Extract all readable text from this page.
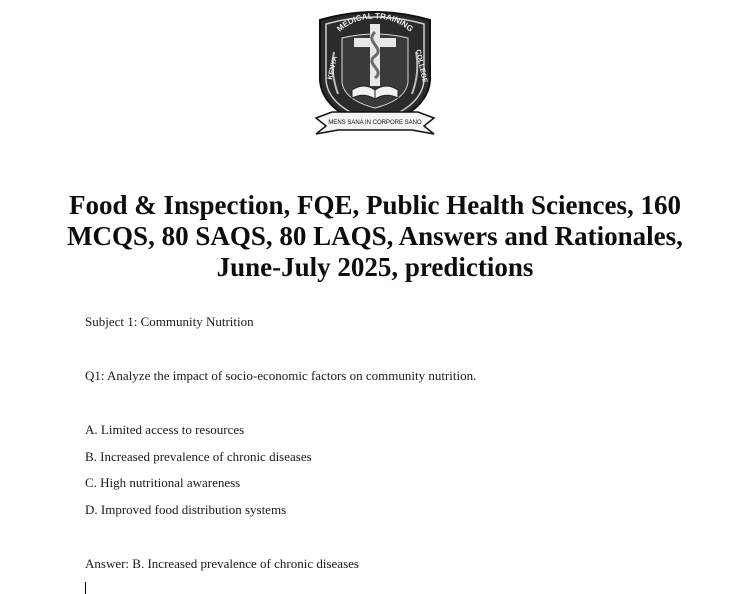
MENS SANA IN CORPORE SANO
MEDICAL TRAINING
KENYA	COLLEGE
Food & Inspection, FQE, Public Health Sciences, 160 MCQS, 80 SAQS, 80 LAQS, Answers and Rationales, June-July 2025, predictions
Subject 1: Community Nutrition
Q1: Analyze the impact of socio-economic factors on community nutrition.
A. Limited access to resources
B. Increased prevalence of chronic diseases
C. High nutritional awareness
D. Improved food distribution systems
Answer: B. Increased prevalence of chronic diseases
